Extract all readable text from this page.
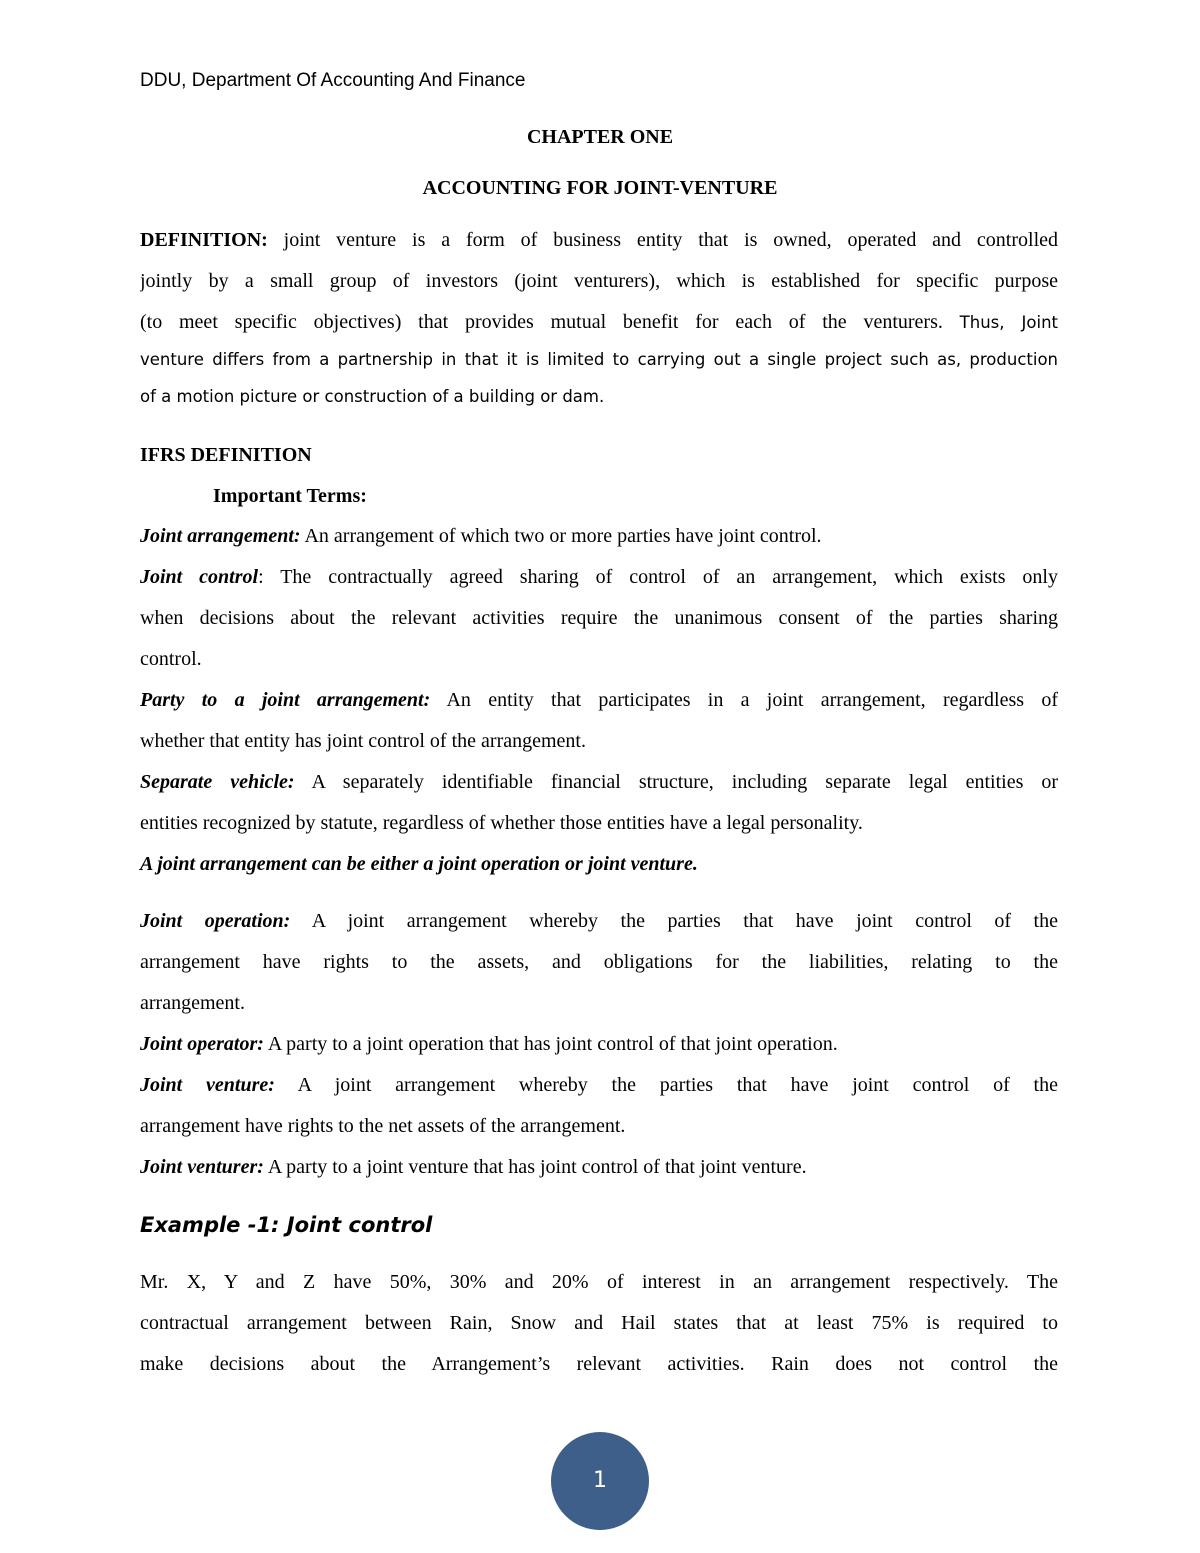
DDU, Department Of Accounting And Finance
CHAPTER ONE
ACCOUNTING FOR JOINT-VENTURE
DEFINITION: joint venture is a form of business entity that is owned, operated and controlled
jointly by a small group of investors (joint venturers), which is established for specific purpose
(to meet specific objectives) that provides mutual benefit for each of the venturers. Thus, Joint
venture differs from a partnership in that it is limited to carrying out a single project such as, production
of a motion picture or construction of a building or dam.
IFRS DEFINITION
Important Terms:
Joint arrangement: An arrangement of which two or more parties have joint control.
Joint control: The contractually agreed sharing of control of an arrangement, which exists only
when decisions about the relevant activities require the unanimous consent of the parties sharing
control.
Party to a joint arrangement: An entity that participates in a joint arrangement, regardless of
whether that entity has joint control of the arrangement.
Separate vehicle: A separately identifiable financial structure, including separate legal entities or
entities recognized by statute, regardless of whether those entities have a legal personality.
A joint arrangement can be either a joint operation or joint venture.
Joint operation: A joint arrangement whereby the parties that have joint control of the
arrangement have rights to the assets, and obligations for the liabilities, relating to the
arrangement.
Joint operator: A party to a joint operation that has joint control of that joint operation.
Joint venture: A joint arrangement whereby the parties that have joint control of the
arrangement have rights to the net assets of the arrangement.
Joint venturer: A party to a joint venture that has joint control of that joint venture.
Example -1: Joint control
Mr. X, Y and Z have 50%, 30% and 20% of interest in an arrangement respectively. The
contractual arrangement between Rain, Snow and Hail states that at least 75% is required to
make decisions about the Arrangement’s relevant activities. Rain does not control the
1
